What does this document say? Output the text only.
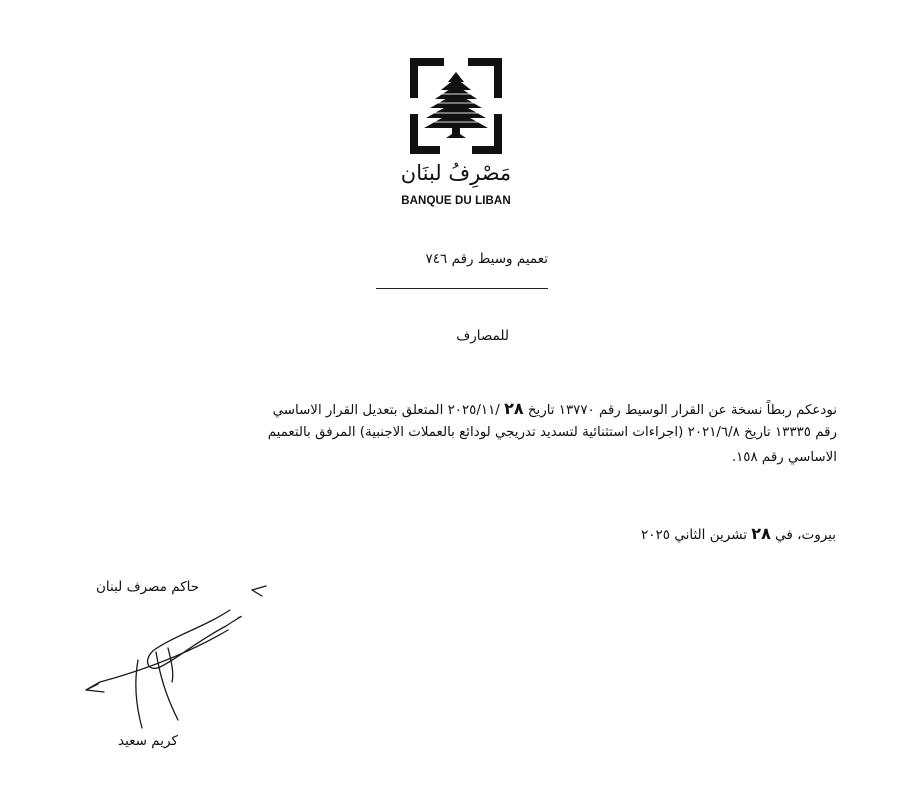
مَصْرِفُ لبنَان
BANQUE DU LIBAN
تعميم وسيط رقم ٧٤٦
للمصارف
نودعكم ربطاً نسخة عن القرار الوسيط رقم ١٣٧٧٠ تاريخ ٢٨ /٢٠٢٥/١١ المتعلق بتعديل القرار الاساسي
رقم ١٣٣٣٥ تاريخ ٢٠٢١/٦/٨ (اجراءات استثنائية لتسديد تدريجي لودائع بالعملات الاجنبية) المرفق بالتعميم
الاساسي رقم ١٥٨.
بيروت، في ٢٨ تشرين الثاني ٢٠٢٥
حاكم مصرف لبنان
كريم سعيد
